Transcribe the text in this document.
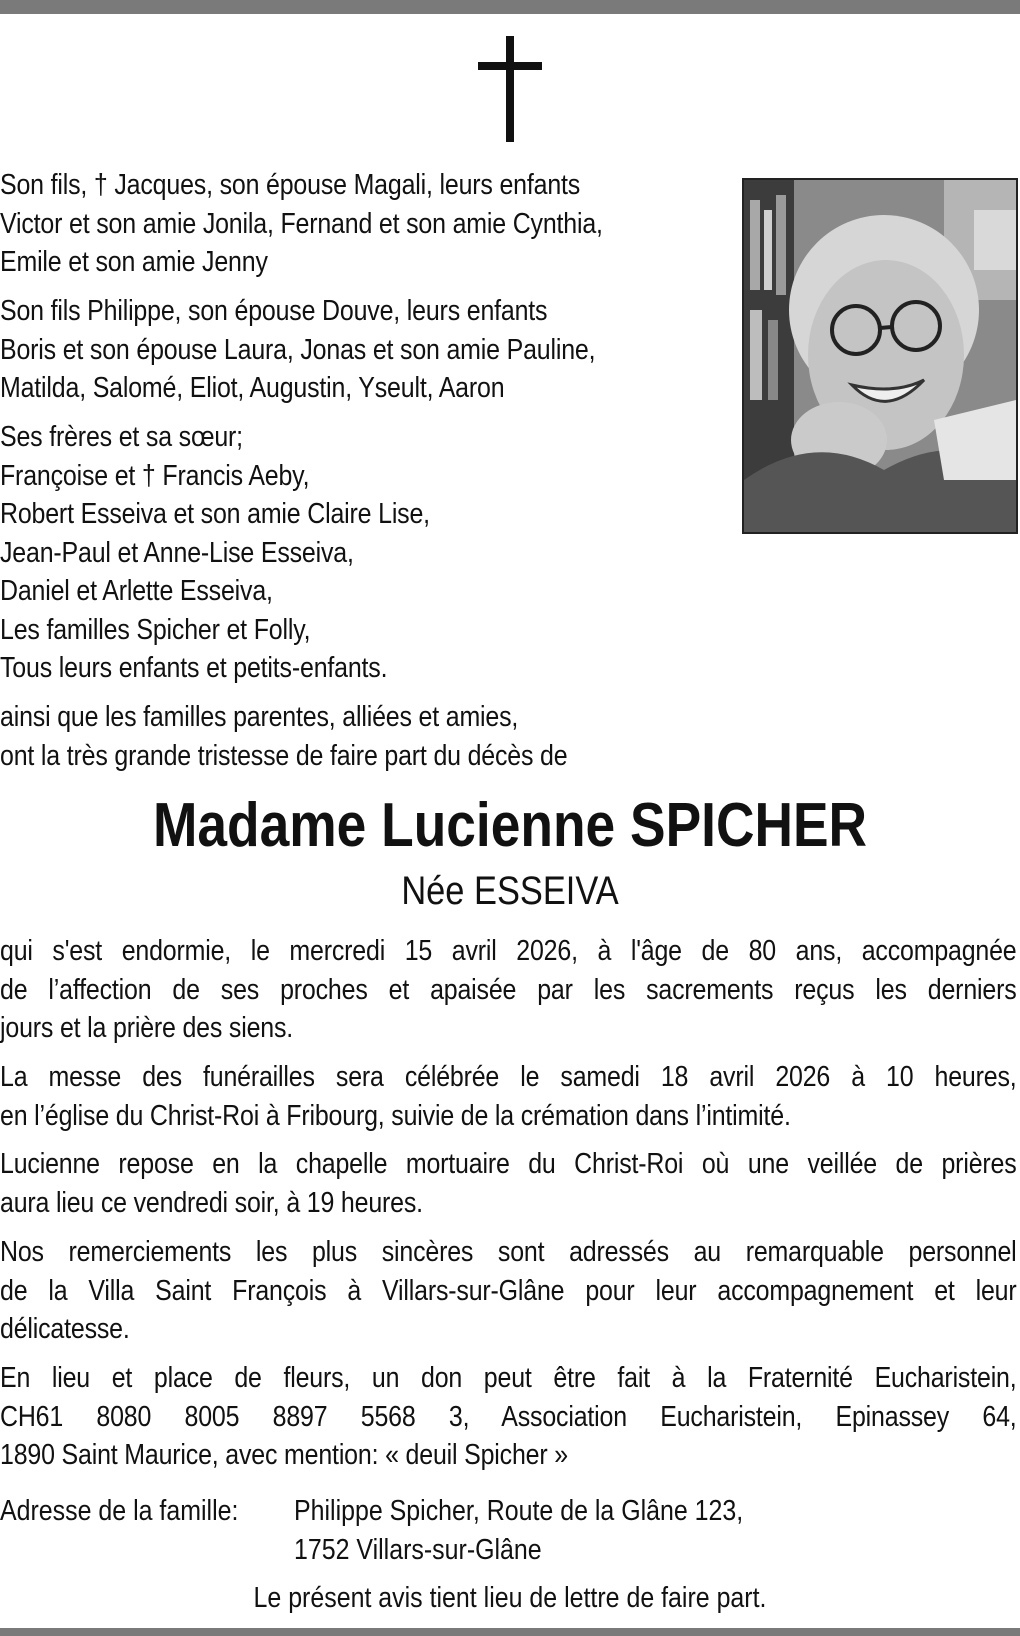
Son fils, † Jacques, son épouse Magali, leurs enfants
Victor et son amie Jonila, Fernand et son amie Cynthia,
Emile et son amie Jenny
Son fils Philippe, son épouse Douve, leurs enfants
Boris et son épouse Laura, Jonas et son amie Pauline,
Matilda, Salomé, Eliot, Augustin, Yseult, Aaron
Ses frères et sa sœur;
Françoise et † Francis Aeby,
Robert Esseiva et son amie Claire Lise,
Jean-Paul et Anne-Lise Esseiva,
Daniel et Arlette Esseiva,
Les familles Spicher et Folly,
Tous leurs enfants et petits-enfants.
ainsi que les familles parentes, alliées et amies,
ont la très grande tristesse de faire part du décès de
Madame Lucienne SPICHER
Née ESSEIVA
qui s'est endormie, le mercredi 15 avril 2026, à l'âge de 80 ans, accompagnée
de l’affection de ses proches et apaisée par les sacrements reçus les derniers
jours et la prière des siens.
La messe des funérailles sera célébrée le samedi 18 avril 2026 à 10 heures,
en l’église du Christ-Roi à Fribourg, suivie de la crémation dans l’intimité.
Lucienne repose en la chapelle mortuaire du Christ-Roi où une veillée de prières
aura lieu ce vendredi soir, à 19 heures.
Nos remerciements les plus sincères sont adressés au remarquable personnel
de la Villa Saint François à Villars-sur-Glâne pour leur accompagnement et leur
délicatesse.
En lieu et place de fleurs, un don peut être fait à la Fraternité Eucharistein,
CH61 8080 8005 8897 5568 3, Association Eucharistein, Epinassey 64,
1890 Saint Maurice, avec mention: « deuil Spicher »
Adresse de la famille: Philippe Spicher, Route de la Glâne 123,
1752 Villars-sur-Glâne
Le présent avis tient lieu de lettre de faire part.
